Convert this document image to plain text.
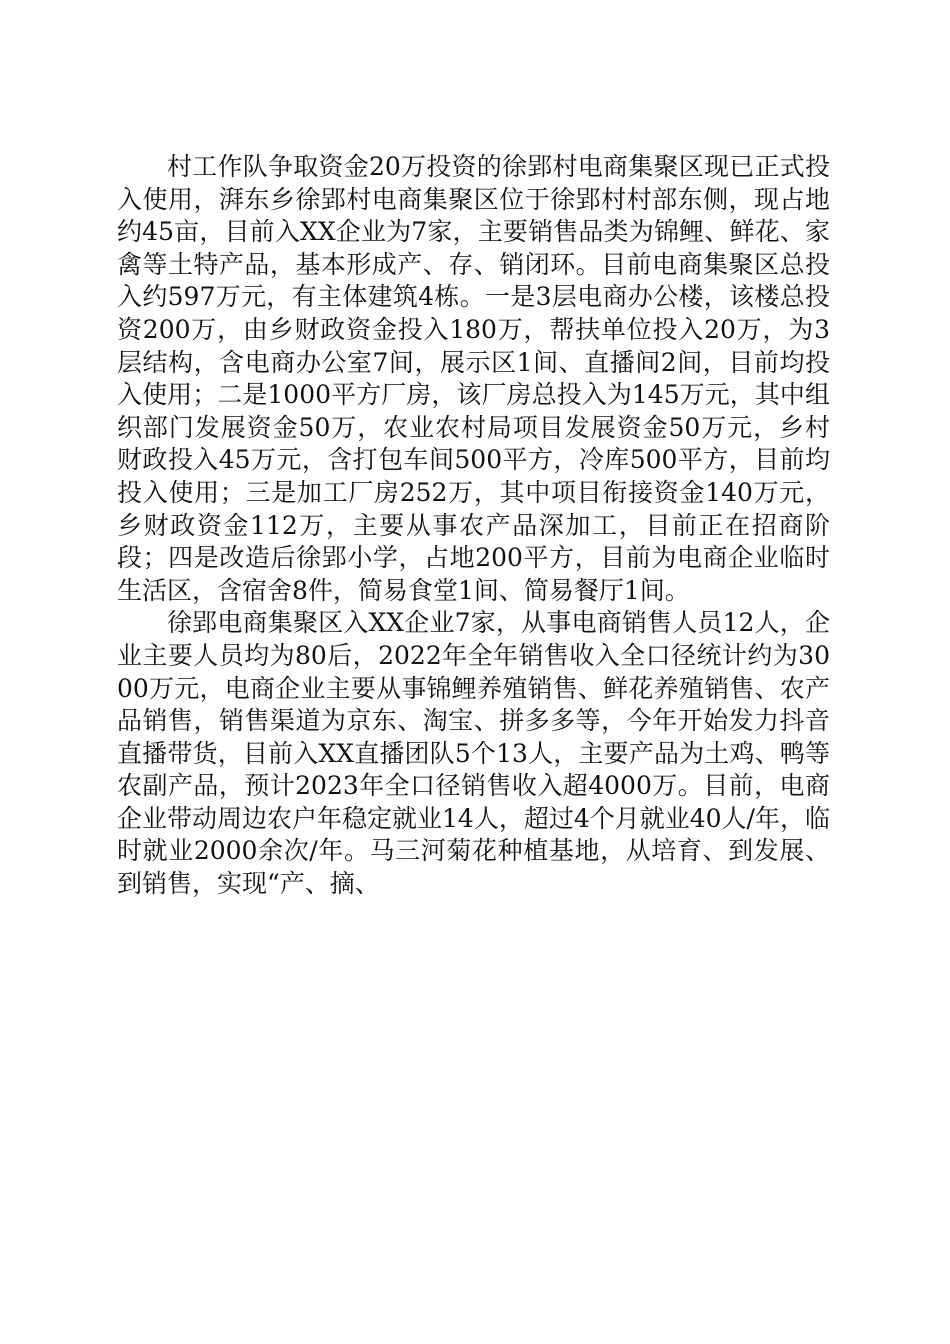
村工作队争取资金20万投资的徐郢村电商集聚区现已正式投入使用，湃东乡徐郢村电商集聚区位于徐郢村村部东侧，现占地约45亩，目前入XX企业为7家，主要销售品类为锦鲤、鲜花、家禽等土特产品，基本形成产、存、销闭环。目前电商集聚区总投入约597万元，有主体建筑4栋。一是3层电商办公楼，该楼总投资200万，由乡财政资金投入180万，帮扶单位投入20万，为3层结构，含电商办公室7间，展示区1间、直播间2间，目前均投入使用；二是1000平方厂房，该厂房总投入为145万元，其中组织部门发展资金50万，农业农村局项目发展资金50万元，乡村财政投入45万元，含打包车间500平方，冷库500平方，目前均投入使用；三是加工厂房252万，其中项目衔接资金140万元，乡财政资金112万，主要从事农产品深加工，目前正在招商阶段；四是改造后徐郢小学，占地200平方，目前为电商企业临时生活区，含宿舍8件，简易食堂1间、简易餐厅1间。

徐郢电商集聚区入XX企业7家，从事电商销售人员12人，企业主要人员均为80后，2022年全年销售收入全口径统计约为3000万元，电商企业主要从事锦鲤养殖销售、鲜花养殖销售、农产品销售，销售渠道为京东、淘宝、拼多多等，今年开始发力抖音直播带货，目前入XX直播团队5个13人，主要产品为土鸡、鸭等农副产品，预计2023年全口径销售收入超4000万。目前，电商企业带动周边农户年稳定就业14人，超过4个月就业40人/年，临时就业2000余次/年。马三河菊花种植基地，从培育、到发展、到销售，实现“产、摘、
